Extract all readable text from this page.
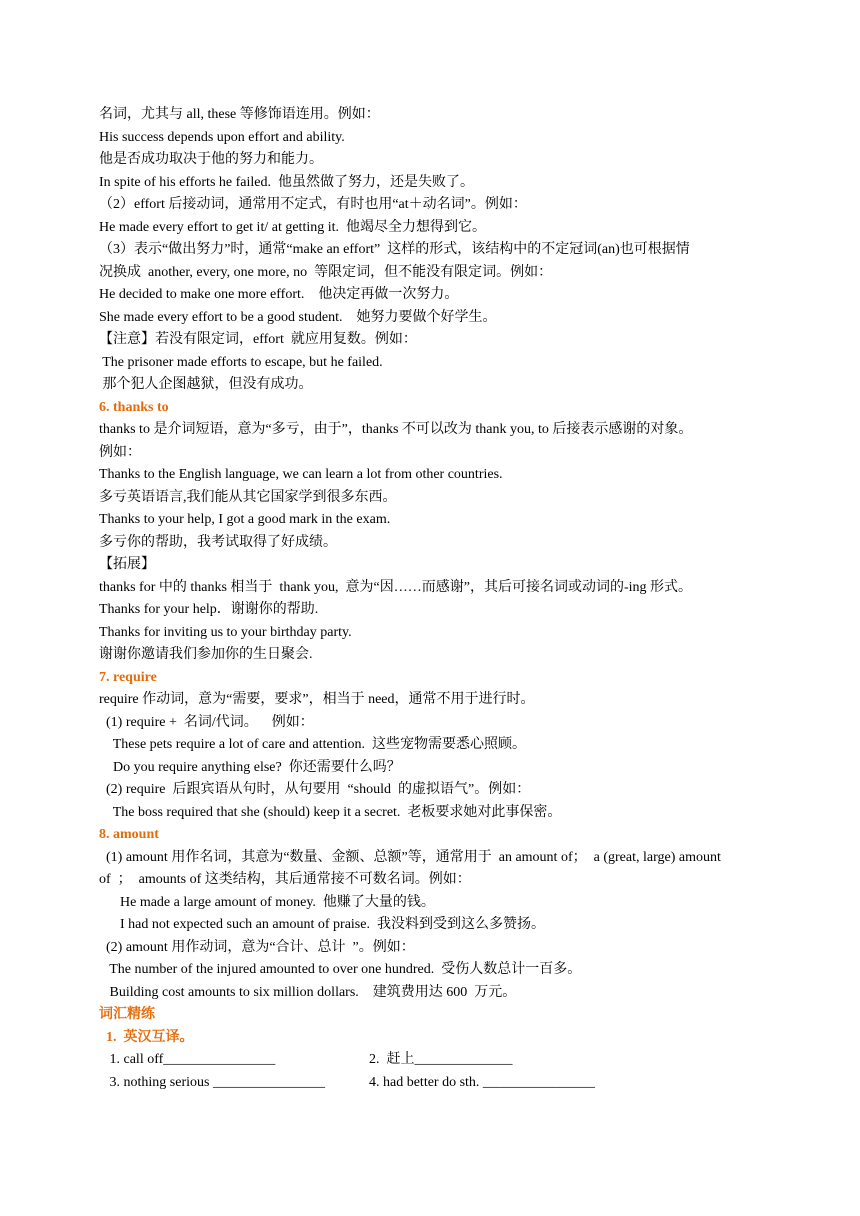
名词，尤其与 all, these 等修饰语连用。例如：
His success depends upon effort and ability.
他是否成功取决于他的努力和能力。
In spite of his efforts he failed.  他虽然做了努力，还是失败了。
（2）effort 后接动词，通常用不定式，有时也用“at＋动名词”。例如：
He made every effort to get it/ at getting it.  他竭尽全力想得到它。
（3）表示“做出努力”时，通常“make an effort”  这样的形式，该结构中的不定冠词(an)也可根据情
况换成  another, every, one more, no  等限定词，但不能没有限定词。例如：
He decided to make one more effort.    他决定再做一次努力。
She made every effort to be a good student.    她努力要做个好学生。
【注意】若没有限定词，effort  就应用复数。例如：
The prisoner made efforts to escape, but he failed.
那个犯人企图越狱，但没有成功。
6. thanks to
thanks to 是介词短语，意为“多亏，由于”，thanks 不可以改为 thank you, to 后接表示感谢的对象。
例如：
Thanks to the English language, we can learn a lot from other countries.
多亏英语语言,我们能从其它国家学到很多东西。
Thanks to your help, I got a good mark in the exam.
多亏你的帮助，我考试取得了好成绩。
【拓展】
thanks for 中的 thanks 相当于  thank you,  意为“因……而感谢”，其后可接名词或动词的-ing 形式。
Thanks for your help．谢谢你的帮助.
Thanks for inviting us to your birthday party.
谢谢你邀请我们参加你的生日聚会.
7. require
require 作动词，意为“需要，要求”，相当于 need，通常不用于进行时。
(1) require +  名词/代词。    例如：
These pets require a lot of care and attention.  这些宠物需要悉心照顾。
Do you require anything else?  你还需要什么吗？
(2) require  后跟宾语从句时，从句要用  “should  的虚拟语气”。例如：
The boss required that she (should) keep it a secret.  老板要求她对此事保密。
8. amount
(1) amount 用作名词，其意为“数量、金额、总额”等，通常用于  an amount of；  a (great, large) amount
of  ；  amounts of 这类结构，其后通常接不可数名词。例如：
He made a large amount of money.  他赚了大量的钱。
I had not expected such an amount of praise.  我没料到受到这么多赞扬。
(2) amount 用作动词，意为“合计、总计  ”。例如：
The number of the injured amounted to over one hundred.  受伤人数总计一百多。
Building cost amounts to six million dollars.    建筑费用达 600  万元。
词汇精练
1.  英汉互译。
1. call off________________	2.  赶上______________
3. nothing serious ________________	4. had better do sth. ________________
